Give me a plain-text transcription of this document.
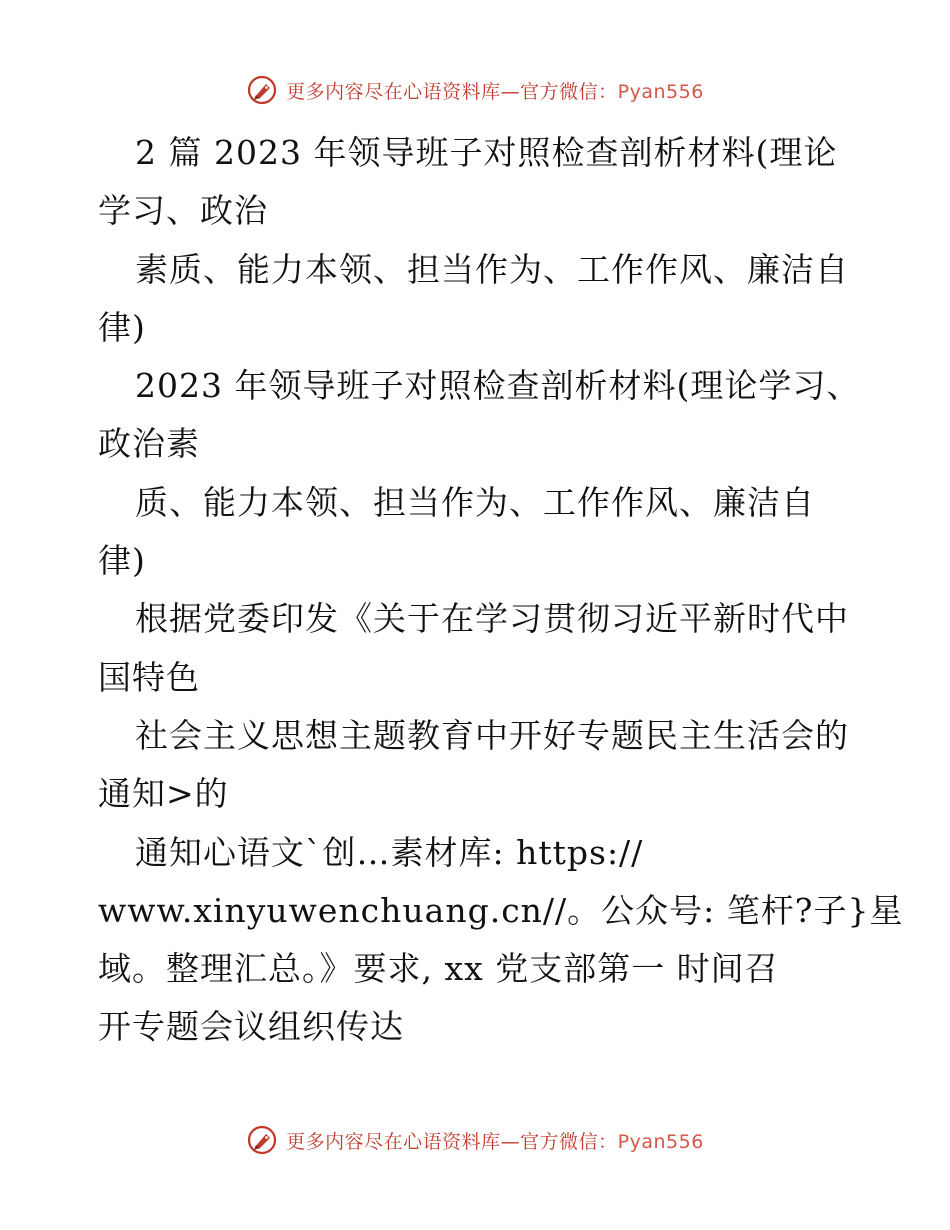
更多内容尽在心语资料库—官方微信：Pyan556
2 篇 2023 年领导班子对照检查剖析材料(理论
学习、政治
素质、能力本领、担当作为、工作作风、廉洁自
律)
2023 年领导班子对照检查剖析材料(理论学习、
政治素
质、能力本领、担当作为、工作作风、廉洁自
律)
根据党委印发《关于在学习贯彻习近平新时代中
国特色
社会主义思想主题教育中开好专题民主生活会的
通知>的
通知心语文`创…素材库: https://
www.xinyuwenchuang.cn//。公众号: 笔杆?子}星
域。整理汇总。》要求, xx 党支部第一 时间召
开专题会议组织传达
更多内容尽在心语资料库—官方微信：Pyan556
